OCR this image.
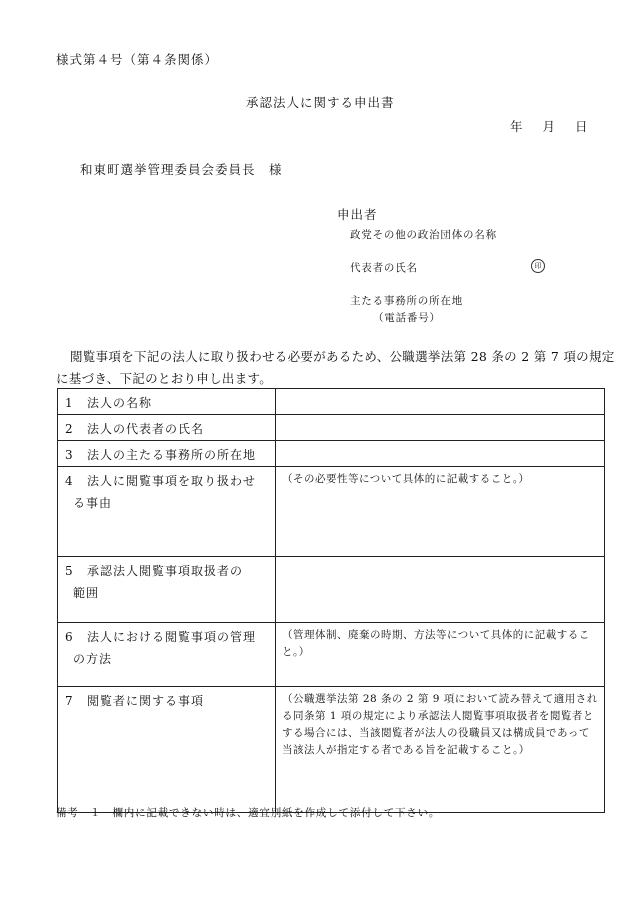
様式第４号（第４条関係）
承認法人に関する申出書
年 月 日
和東町選挙管理委員会委員長　様
申出者
政党その他の政治団体の名称
代表者の氏名	印
主たる事務所の所在地
（電話番号）
閲覧事項を下記の法人に取り扱わせる必要があるため、公職選挙法第 28 条の 2 第 7 項の規定に基づき、下記のとおり申し出ます。
1 法人の名称	
2 法人の代表者の氏名	
3 法人の主たる事務所の所在地	

4 法人に閲覧事項を取り扱わせ
る事由	（その必要性等について具体的に記載すること。）

5 承認法人閲覧事項取扱者の
範囲	

6 法人における閲覧事項の管理
の方法	（管理体制、廃棄の時期、方法等について具体的に記載すること。）
7 閲覧者に関する事項	（公職選挙法第 28 条の 2 第 9 項において読み替えて適用される同条第 1 項の規定により承認法人閲覧事項取扱者を閲覧者とする場合には、当該閲覧者が法人の役職員又は構成員であって当該法人が指定する者である旨を記載すること。）
備考　１　欄内に記載できない時は、適宜別紙を作成して添付して下さい。
